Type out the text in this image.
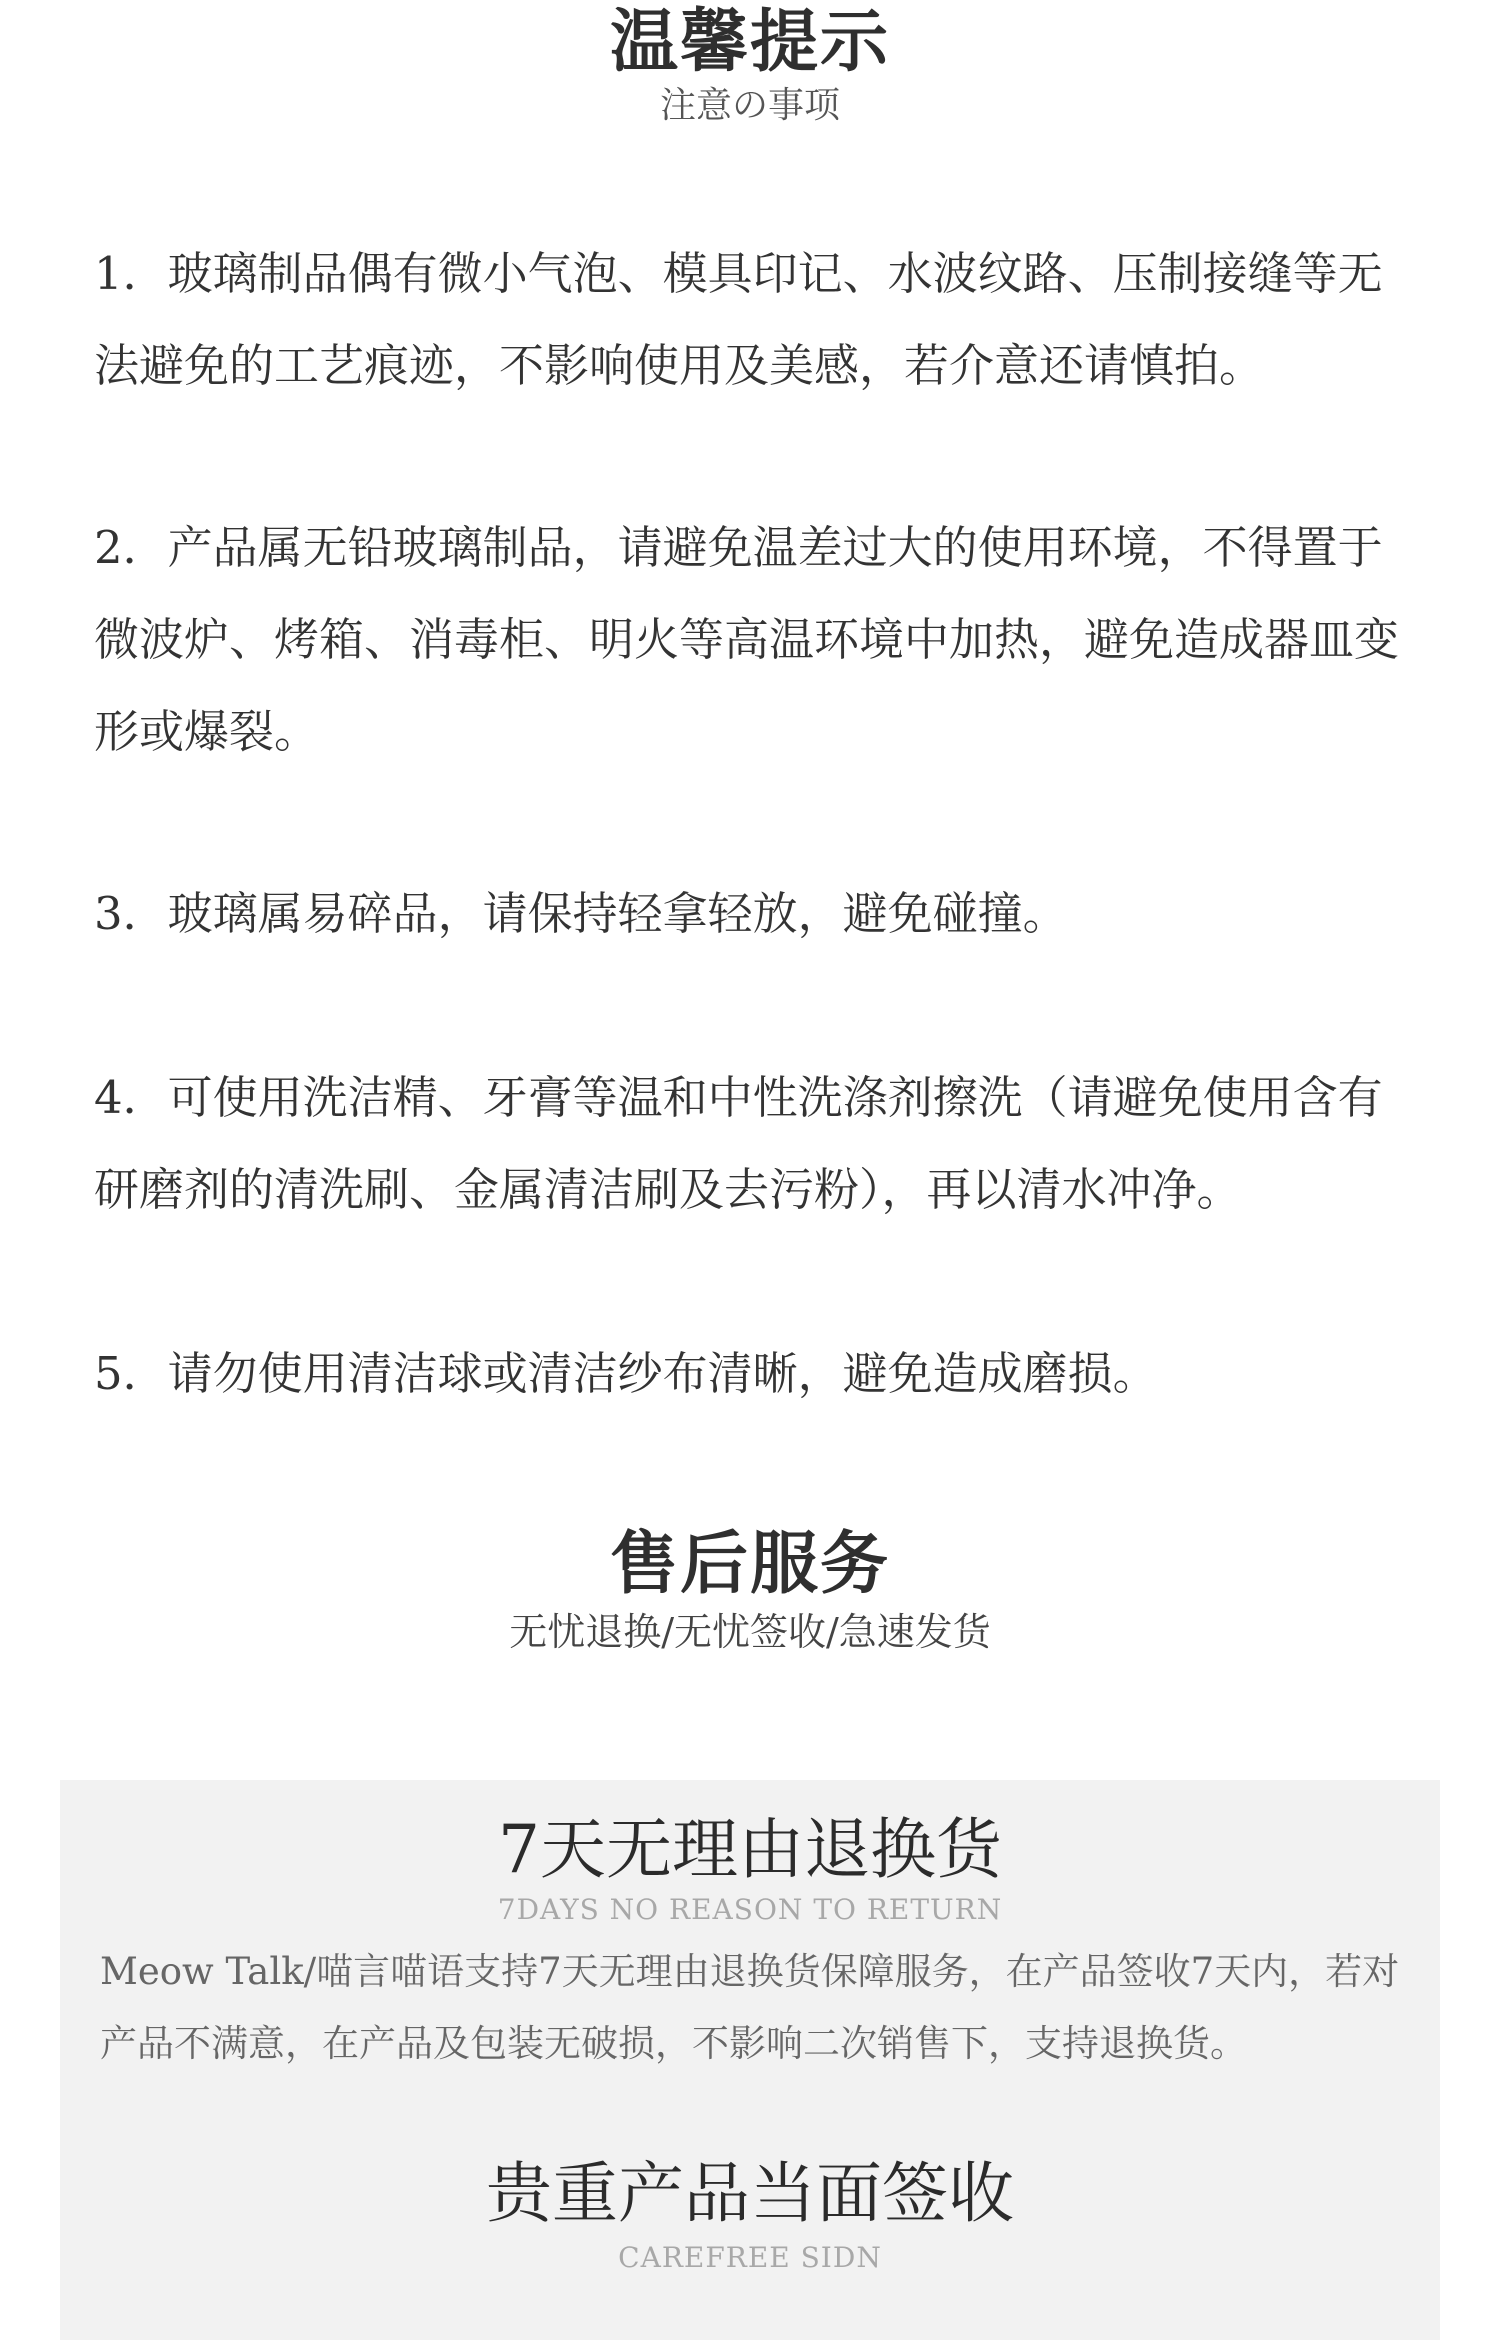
温馨提示
注意の事项

1．玻璃制品偶有微小气泡、模具印记、水波纹路、压制接缝等无法避免的工艺痕迹，不影响使用及美感，若介意还请慎拍。

2．产品属无铅玻璃制品，请避免温差过大的使用环境，不得置于微波炉、烤箱、消毒柜、明火等高温环境中加热，避免造成器皿变形或爆裂。

3．玻璃属易碎品，请保持轻拿轻放，避免碰撞。

4．可使用洗洁精、牙膏等温和中性洗涤剂擦洗（请避免使用含有研磨剂的清洗刷、金属清洁刷及去污粉），再以清水冲净。

5．请勿使用清洁球或清洁纱布清晰，避免造成磨损。

售后服务
无忧退换/无忧签收/急速发货
7天无理由退换货
7DAYS NO REASON TO RETURN

Meow Talk/喵言喵语支持7天无理由退换货保障服务，在产品签收7天内，若对产品不满意，在产品及包装无破损，不影响二次销售下，支持退换货。

贵重产品当面签收
CAREFREE SIDN
